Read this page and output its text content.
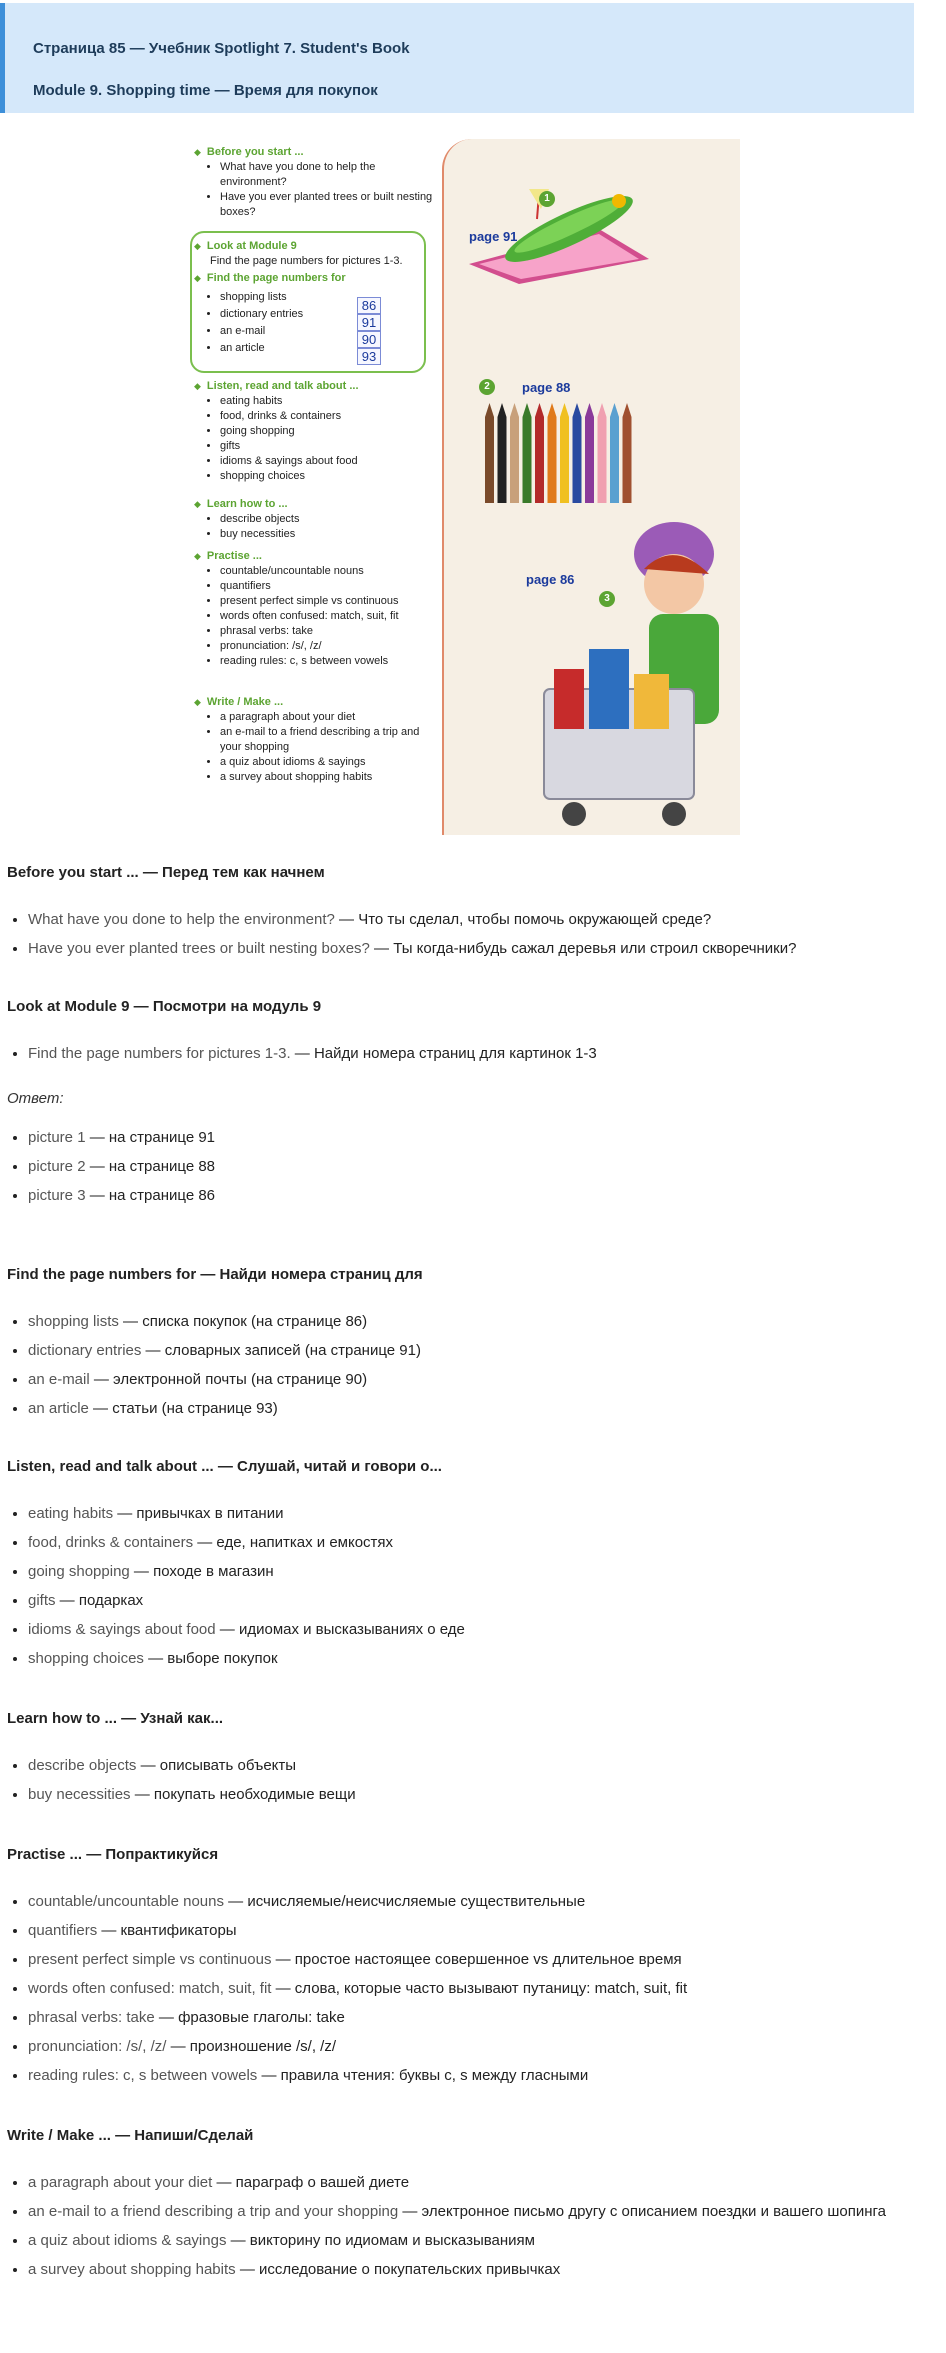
Страница 85 — Учебник Spotlight 7. Student's Book
Module 9. Shopping time — Время для покупок
1
page 91
2	page 88
page 86
3
◆ Before you start ...
• What have you done to help the environment?
• Have you ever planted trees or built nesting boxes?
◆ Look at Module 9
Find the page numbers for pictures 1-3.
◆ Find the page numbers for
• shopping lists
• dictionary entries
• an e-mail
• an article
86
91
90
93
◆ Listen, read and talk about ...
• eating habits
• food, drinks & containers
• going shopping
• gifts
• idioms & sayings about food
• shopping choices
◆ Learn how to ...
• describe objects
• buy necessities
◆ Practise ...
• countable/uncountable nouns
• quantifiers
• present perfect simple vs continuous
• words often confused: match, suit, fit
• phrasal verbs: take
• pronunciation: /s/, /z/
• reading rules: c, s between vowels
◆ Write / Make ...
• a paragraph about your diet
• an e-mail to a friend describing a trip and your shopping
• a quiz about idioms & sayings
• a survey about shopping habits
Before you start ... — Перед тем как начнем
• What have you done to help the environment? — Что ты сделал, чтобы помочь окружающей среде?
• Have you ever planted trees or built nesting boxes? — Ты когда-нибудь сажал деревья или строил скворечники?
Look at Module 9 — Посмотри на модуль 9
• Find the page numbers for pictures 1-3. — Найди номера страниц для картинок 1-3
Ответ:
• picture 1 — на странице 91
• picture 2 — на странице 88
• picture 3 — на странице 86
Find the page numbers for — Найди номера страниц для
• shopping lists — списка покупок (на странице 86)
• dictionary entries — словарных записей (на странице 91)
• an e-mail — электронной почты (на странице 90)
• an article — статьи (на странице 93)
Listen, read and talk about ... — Слушай, читай и говори о...
• eating habits — привычках в питании
• food, drinks & containers — еде, напитках и емкостях
• going shopping — походе в магазин
• gifts — подарках
• idioms & sayings about food — идиомах и высказываниях о еде
• shopping choices — выборе покупок
Learn how to ... — Узнай как...
• describe objects — описывать объекты
• buy necessities — покупать необходимые вещи
Practise ... — Попрактикуйся
• countable/uncountable nouns — исчисляемые/неисчисляемые существительные
• quantifiers — квантификаторы
• present perfect simple vs continuous — простое настоящее совершенное vs длительное время
• words often confused: match, suit, fit — слова, которые часто вызывают путаницу: match, suit, fit
• phrasal verbs: take — фразовые глаголы: take
• pronunciation: /s/, /z/ — произношение /s/, /z/
• reading rules: c, s between vowels — правила чтения: буквы c, s между гласными
Write / Make ... — Напиши/Сделай
• a paragraph about your diet — параграф о вашей диете
• an e-mail to a friend describing a trip and your shopping — электронное письмо другу с описанием поездки и вашего шопинга
• a quiz about idioms & sayings — викторину по идиомам и высказываниям
• a survey about shopping habits — исследование о покупательских привычках
